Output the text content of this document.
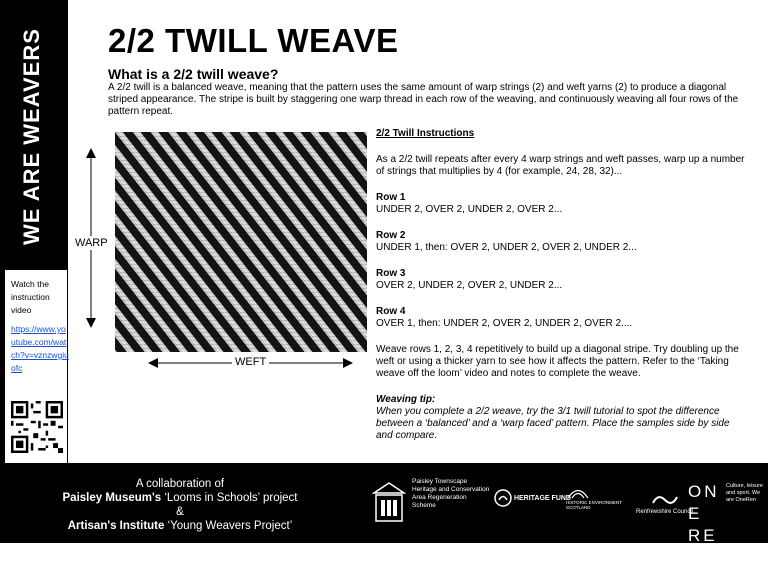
WE ARE WEAVERS
Watch the instruction video
https://www.youtube.com/watch?v=vznzwgiuofc
2/2 TWILL WEAVE
What is a 2/2 twill weave?
A 2/2 twill is a balanced weave, meaning that the pattern uses the same amount of warp strings (2) and weft yarns (2) to produce a diagonal striped appearance. The stripe is built by staggering one warp thread in each row of the weaving, and continuously weaving all four rows of the pattern repeat.
WARP
WEFT
2/2 Twill Instructions
As a 2/2 twill repeats after every 4 warp strings and weft passes, warp up a number of strings that multiplies by 4 (for example, 24, 28, 32)...
Row 1
UNDER 2, OVER 2, UNDER 2, OVER 2...
Row 2
UNDER 1, then: OVER 2, UNDER 2, OVER 2, UNDER 2...
Row 3
OVER 2, UNDER 2, OVER 2, UNDER 2...
Row 4
OVER 1, then: UNDER 2, OVER 2, UNDER 2, OVER 2....
Weave rows 1, 2, 3, 4 repetitively to build up a diagonal stripe. Try doubling up the weft or using a thicker yarn to see how it affects the pattern. Refer to the ‘Taking weave off the loom’ video and notes to complete the weave.
Weaving tip:
When you complete a 2/2 weave, try the 3/1 twill tutorial to spot the difference between a ‘balanced’ and a ‘warp faced’ pattern. Place the samples side by side and compare.
A collaboration of
Paisley Museum's ‘Looms in Schools’ project
&
Artisan's Institute ‘Young Weavers Project’
Paisley Townscape Heritage and Conservation Area Regeneration Scheme
HERITAGE FUND
HISTORIC ENVIRONMENT SCOTLAND
Renfrewshire Council
ONE REN
Culture, leisure and sport. We are OneRen
